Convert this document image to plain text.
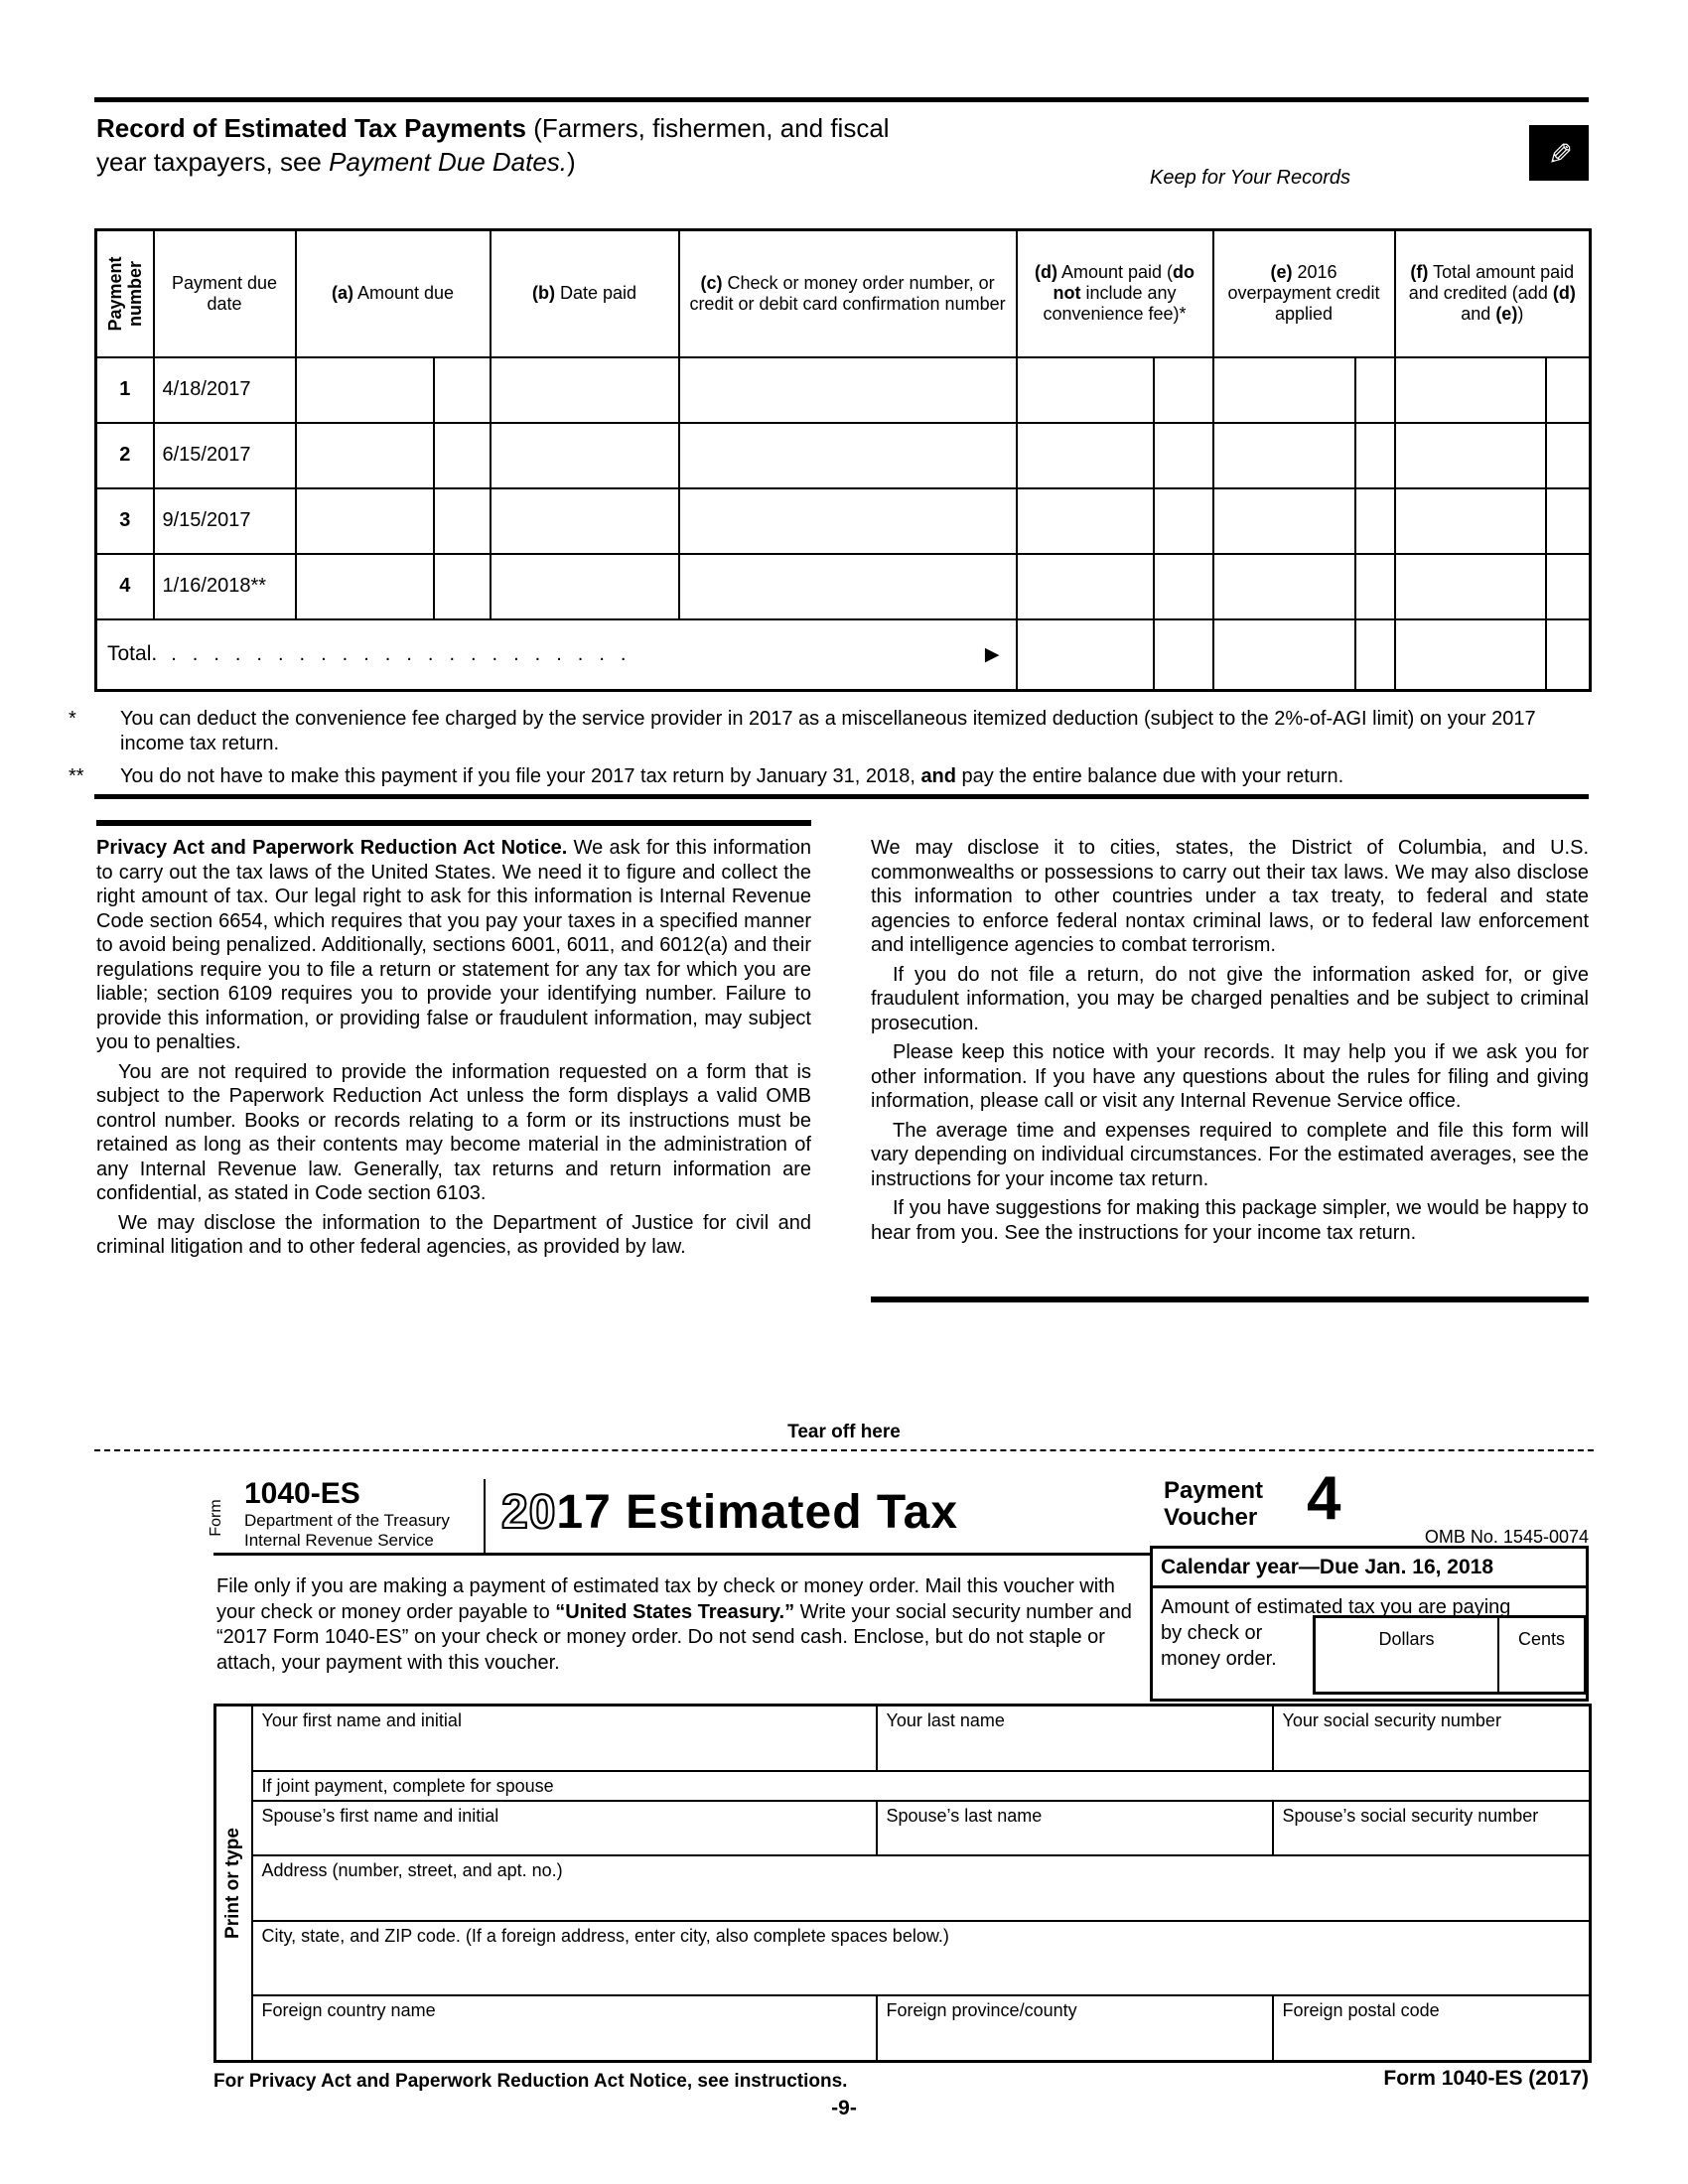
Record of Estimated Tax Payments (Farmers, fishermen, and fiscal
year taxpayers, see Payment Due Dates.)
Keep for Your Records
✎
Payment
number	Payment due date	(a) Amount due		(b) Date paid	(c) Check or money order number, or credit or debit card confirmation number	(d) Amount paid (do not include any convenience fee)*		(e) 2016 overpayment credit applied		(f) Total amount paid and credited (add (d) and (e))	
1	4/18/2017										
2	6/15/2017										
3	9/15/2017										
4	1/16/2018**										

Total. ...................... ▶											

* You can deduct the convenience fee charged by the service provider in 2017 as a miscellaneous itemized deduction (subject to the 2%-of-AGI limit) on your 2017 income tax return.
** You do not have to make this payment if you file your 2017 tax return by January 31, 2018, and pay the entire balance due with your return.

Privacy Act and Paperwork Reduction Act Notice. We ask for this information to carry out the tax laws of the United States. We need it to figure and collect the right amount of tax. Our legal right to ask for this information is Internal Revenue Code section 6654, which requires that you pay your taxes in a specified manner to avoid being penalized. Additionally, sections 6001, 6011, and 6012(a) and their regulations require you to file a return or statement for any tax for which you are liable; section 6109 requires you to provide your identifying number. Failure to provide this information, or providing false or fraudulent information, may subject you to penalties.

You are not required to provide the information requested on a form that is subject to the Paperwork Reduction Act unless the form displays a valid OMB control number. Books or records relating to a form or its instructions must be retained as long as their contents may become material in the administration of any Internal Revenue law. Generally, tax returns and return information are confidential, as stated in Code section 6103.

We may disclose the information to the Department of Justice for civil and criminal litigation and to other federal agencies, as provided by law.

We may disclose it to cities, states, the District of Columbia, and U.S. commonwealths or possessions to carry out their tax laws. We may also disclose this information to other countries under a tax treaty, to federal and state agencies to enforce federal nontax criminal laws, or to federal law enforcement and intelligence agencies to combat terrorism.

If you do not file a return, do not give the information asked for, or give fraudulent information, you may be charged penalties and be subject to criminal prosecution.

Please keep this notice with your records. It may help you if we ask you for other information. If you have any questions about the rules for filing and giving information, please call or visit any Internal Revenue Service office.

The average time and expenses required to complete and file this form will vary depending on individual circumstances. For the estimated averages, see the instructions for your income tax return.

If you have suggestions for making this package simpler, we would be happy to hear from you. See the instructions for your income tax return.

Tear off here
Form
1040-ES
Department of the Treasury
Internal Revenue Service
2017 Estimated Tax	Payment
Voucher 4
OMB No. 1545-0074
Calendar year—Due Jan. 16, 2018
Amount of estimated tax you are paying
by check or
money order.
Dollars	Cents
File only if you are making a payment of estimated tax by check or money order. Mail this voucher with your check or money order payable to “United States Treasury.” Write your social security number and “2017 Form 1040-ES” on your check or money order. Do not send cash. Enclose, but do not staple or attach, your payment with this voucher.
Print or type	Your first name and initial	Your last name	Your social security number
	If joint payment, complete for spouse		
	Spouse’s first name and initial	Spouse’s last name	Spouse’s social security number
	Address (number, street, and apt. no.)		
	City, state, and ZIP code. (If a foreign address, enter city, also complete spaces below.)		
	Foreign country name	Foreign province/county	Foreign postal code
For Privacy Act and Paperwork Reduction Act Notice, see instructions.	Form 1040-ES (2017)
-9-
